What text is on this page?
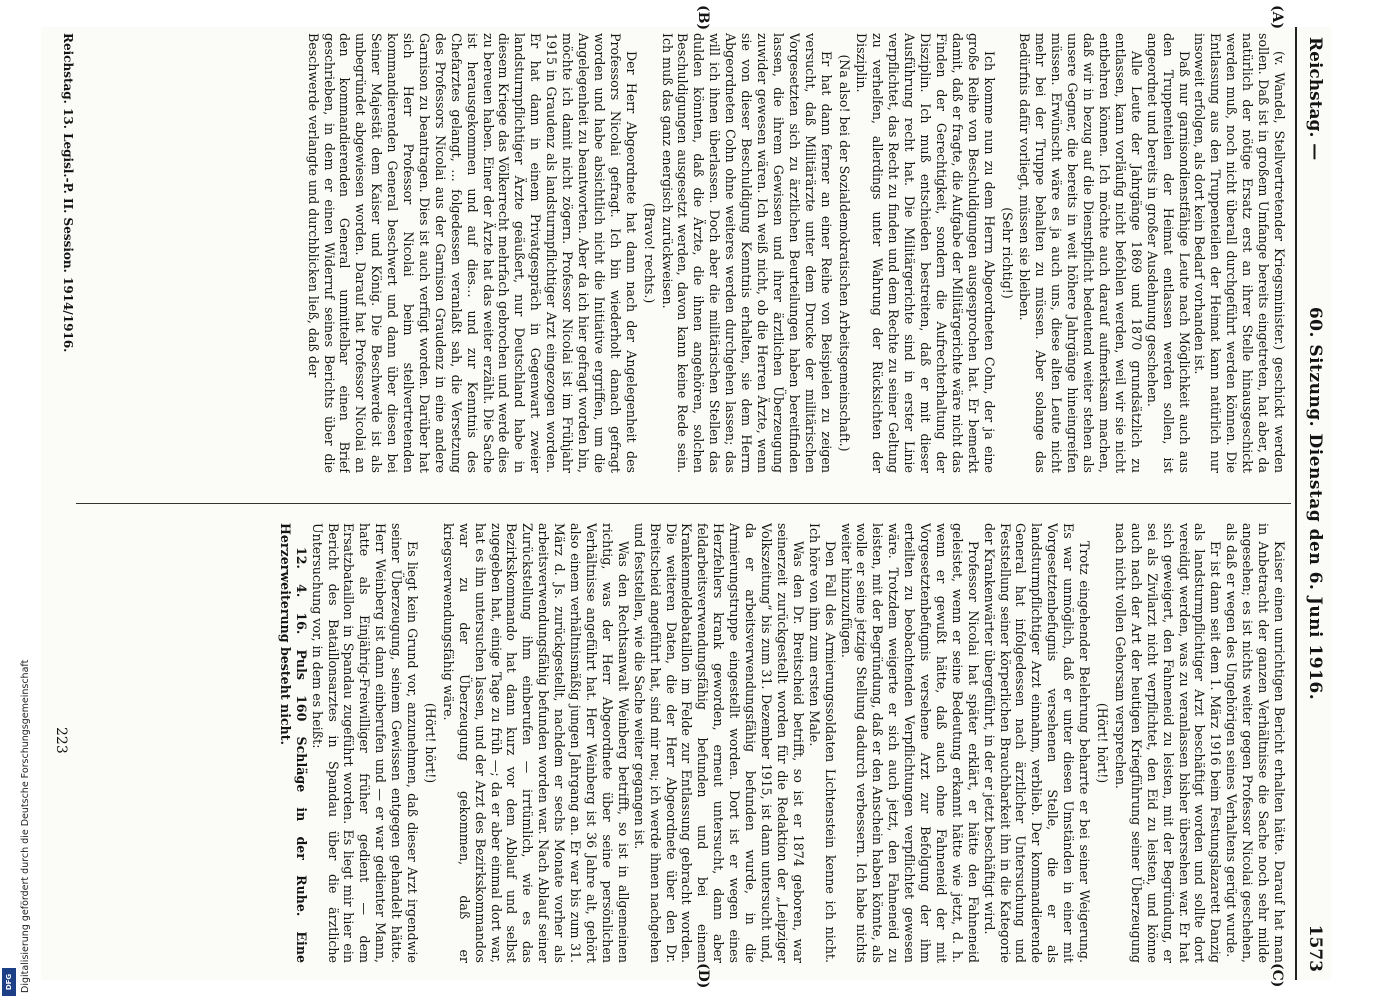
DFG Digitalisierung gefördert durch die Deutsche Forschungsgemeinschaft
Reichstag. —
60. Sitzung. Dienstag den 6. Juni 1916.
1573
(A)
(B)
(C)
(D)

(v. Wandel, Stellvertretender Kriegsminister.) geschickt werden sollen. Daß ist in großem Umfange bereits eingetreten, hat aber, da natürlich der nötige Ersatz erst an ihrer Stelle hinausgeschickt werden muß, noch nicht überall durchgeführt werden können. Die Entlassung aus den Truppenteilen der Heimat kann natürlich nur insoweit erfolgen, als dort kein Bedarf vorhanden ist.

Daß nur garnisondienstfähige Leute nach Möglichkeit auch aus den Truppenteilen der Heimat entlassen werden sollen, ist angeordnet und bereits in großer Ausdehnung geschehen.

Alle Leute der Jahrgänge 1869 und 1870 grundsätzlich zu entlassen, kann vorläufig nicht befohlen werden, weil wir sie nicht entbehren können. Ich möchte auch darauf aufmerksam machen, daß wir in bezug auf die Dienstpflicht bedeutend weiter stehen als unsere Gegner, die bereits in weit höhere Jahrgänge hineingreifen müssen. Erwünscht wäre es ja auch uns, diese alten Leute nicht mehr bei der Truppe behalten zu müssen. Aber solange das Bedürfnis dafür vorliegt, müssen sie bleiben.

(Sehr richtig!)

Ich komme nun zu dem Herrn Abgeordneten Cohn, der ja eine große Reihe von Beschuldigungen ausgesprochen hat. Er bemerkt damit, daß er fragte, die Aufgabe der Militärgerichte wäre nicht das Finden der Gerechtigkeit, sondern die Aufrechterhaltung der Disziplin. Ich muß entschieden bestreiten, daß er mit dieser Ausführung recht hat. Die Militärgerichte sind in erster Linie verpflichtet, das Recht zu finden und dem Rechte zu seiner Geltung zu verhelfen, allerdings unter Wahrung der Rücksichten der Disziplin.

(Na also! bei der Sozialdemokratischen Arbeitsgemeinschaft.)

Er hat dann ferner an einer Reihe von Beispielen zu zeigen versucht, daß Militärärzte unter dem Drucke der militärischen Vorgesetzten sich zu ärztlichen Beurteilungen haben bereitfinden lassen, die ihrem Gewissen und ihrer ärztlichen Überzeugung zuwider gewesen wären. Ich weiß nicht, ob die Herren Ärzte, wenn sie von dieser Beschuldigung Kenntnis erhalten, sie dem Herrn Abgeordneten Cohn ohne weiteres werden durchgehen lassen; das will ich ihnen überlassen. Doch aber die militärischen Stellen das dulden könnten, daß die Ärzte, die ihnen angehören, solchen Beschuldigungen ausgesetzt werden, davon kann keine Rede sein. Ich muß das ganz energisch zurückweisen.

(Bravo! rechts.)

Der Herr Abgeordnete hat dann nach der Angelegenheit des Professors Nicolai gefragt. Ich bin wiederholt danach gefragt worden und habe absichtlich nicht die Initiative ergriffen, um die Angelegenheit zu beantworten. Aber da ich hier gefragt worden bin, möchte ich damit nicht zögern. Professor Nicolai ist im Frühjahr 1915 in Graudenz als landsturmpflichtiger Arzt eingezogen worden. Er hat dann in einem Privatgespräch in Gegenwart zweier landsturmpflichtiger Ärzte geäußert, nur Deutschland habe in diesem Kriege das Völkerrecht mehrfach gebrochen und werde dies zu bereuen haben. Einer der Ärzte hat das weiter erzählt. Die Sache ist herausgekommen und auf dies… und zur Kenntnis des Chefarztes gelangt, … folgedessen veranlaßt sah, die Versetzung des Professors Nicolai aus der Garnison Graudenz in eine andere Garnison zu beantragen. Dies ist auch verfügt worden. Darüber hat sich Herr Professor Nicolai beim stellvertretenden kommandierenden General beschwert und dann über diesen bei Seiner Majestät dem Kaiser und König. Die Beschwerde ist als unbegründet abgewiesen worden. Darauf hat Professor Nicolai an den kommandierenden General unmittelbar einen Brief geschrieben, in dem er einen Widerruf seines Berichts über die Beschwerde verlangte und durchblicken ließ, daß der

Kaiser einen unrichtigen Bericht erhalten hätte. Darauf hat man in Anbetracht der ganzen Verhältnisse die Sache noch sehr milde angesehen; es ist nichts weiter gegen Professor Nicolai geschehen, als daß er wegen des Ungehörigen seines Verhaltens gerügt wurde.

Er ist dann seit dem 1. März 1916 beim Festungslazarett Danzig als landsturmpflichtiger Arzt beschäftigt worden und sollte dort vereidigt werden, was zu veranlassen bisher übersehen war. Er hat sich geweigert, den Fahneneid zu leisten, mit der Begründung, er sei als Zivilarzt nicht verpflichtet, den Eid zu leisten, und könne auch nach der Art der heutigen Kriegführung seiner Überzeugung nach nicht vollen Gehorsam versprechen.

(Hört! hört!)

Trotz eingehender Belehrung beharrte er bei seiner Weigerung. Es war unmöglich, daß er unter diesen Umständen in einer mit Vorgesetztenbefugnis versehenen Stelle, die er als landsturmpflichtiger Arzt einnahm, verblieb. Der kommandierende General hat infolgedessen nach ärztlicher Untersuchung und Feststellung seiner körperlichen Brauchbarkeit ihn in die Kategorie der Krankenwärter übergeführt, in der er jetzt beschäftigt wird.

Professor Nicolai hat später erklärt, er hätte den Fahneneid geleistet, wenn er seine Bedeutung erkannt hätte wie jetzt, d. h. wenn er gewußt hätte, daß auch ohne Fahneneid der mit Vorgesetztenbefugnis versehene Arzt zur Befolgung der ihm erteilten zu beobachtenden Verpflichtungen verpflichtet gewesen wäre. Trotzdem weigerte er sich auch jetzt, den Fahneneid zu leisten, mit der Begründung, daß er den Anschein haben könnte, als wolle er seine jetzige Stellung dadurch verbessern. Ich habe nichts weiter hinzuzufügen.

Den Fall des Armierungssoldaten Lichtenstein kenne ich nicht. Ich höre von ihm zum ersten Male.

Was den Dr. Breitscheid betrifft, so ist er 1874 geboren, war seinerzeit zurückgestellt worden für die Redaktion der „Leipziger Volkszeitung“ bis zum 31. Dezember 1915, ist dann untersucht und, da er arbeitsverwendungsfähig befunden wurde, in die Armierungstruppe eingestellt worden. Dort ist er wegen eines Herzfehlers krank geworden, erneut untersucht, dann aber feldarbeitsverwendungsfähig befunden und bei einem Krankenmeldebataillon im Felde zur Entlassung gebracht worden. Die weiteren Daten, die der Herr Abgeordnete über den Dr. Breitscheid angeführt hat, sind mir neu; ich werde ihnen nachgehen und feststellen, wie die Sache weiter gegangen ist.

Was den Rechtsanwalt Weinberg betrifft, so ist in allgemeinen richtig, was der Herr Abgeordnete über seine persönlichen Verhältnisse angeführt hat. Herr Weinberg ist 36 Jahre alt, gehört also einem verhältnismäßig jungen Jahrgang an. Er war bis zum 31. März d. Js. zurückgestellt, nachdem er sechs Monate vorher als arbeitsverwendungsfähig befunden worden war. Nach Ablauf seiner Zurückstellung ihm einberufen — irrtümlich, wie es das Bezirkskommando hat dann kurz vor dem Ablauf und selbst zugegeben hat, einige Tage zu früh —; da er aber einmal dort war, hat es ihn untersuchen lassen, und der Arzt des Bezirkskommandos war zu der Überzeugung gekommen, daß er kriegsverwendungsfähig wäre.

(Hört! hört!)

Es liegt kein Grund vor, anzunehmen, daß dieser Arzt irgendwie seiner Überzeugung, seinem Gewissen entgegen gehandelt hätte. Herr Weinberg ist dann einberufen und — er war gedienter Mann, hatte als Einjährig-Freiwilliger früher gedient — dem Ersatzbataillon in Spandau zugeführt worden. Es liegt mir hier ein Bericht des Bataillonsarztes in Spandau über die ärztliche Untersuchung vor, in dem es heißt:

12. 4. 16. Puls 160 Schläge in der Ruhe. Eine Herzerweiterung besteht nicht.

Reichstag. 13. Legisl.-P. II. Session. 1914/1916.
223
